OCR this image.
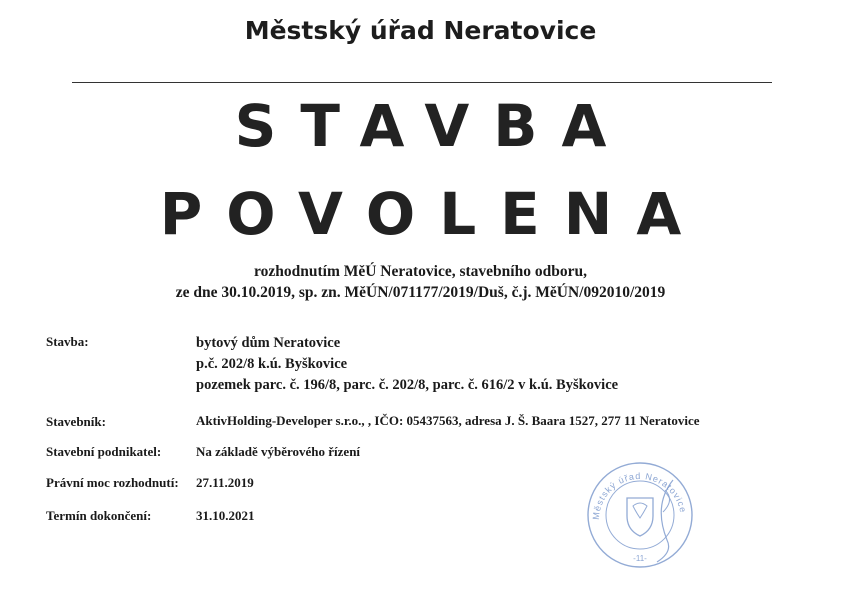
Městský úřad Neratovice
STAVBA
POVOLENA
rozhodnutím MěÚ Neratovice, stavebního odboru,
ze dne 30.10.2019, sp. zn. MěÚN/071177/2019/Duš, č.j. MěÚN/092010/2019
Stavba:	bytový dům Neratovice
p.č. 202/8 k.ú. Byškovice
pozemek parc. č. 196/8, parc. č. 202/8, parc. č. 616/2 v k.ú. Byškovice
Stavebník:	AktivHolding-Developer s.r.o., , IČO: 05437563, adresa J. Š. Baara 1527, 277 11 Neratovice
Stavební podnikatel:	Na základě výběrového řízení
Právní moc rozhodnutí: 27.11.2019
Termín dokončení:	31.10.2021	Městský úřad Neratovice
-11-
